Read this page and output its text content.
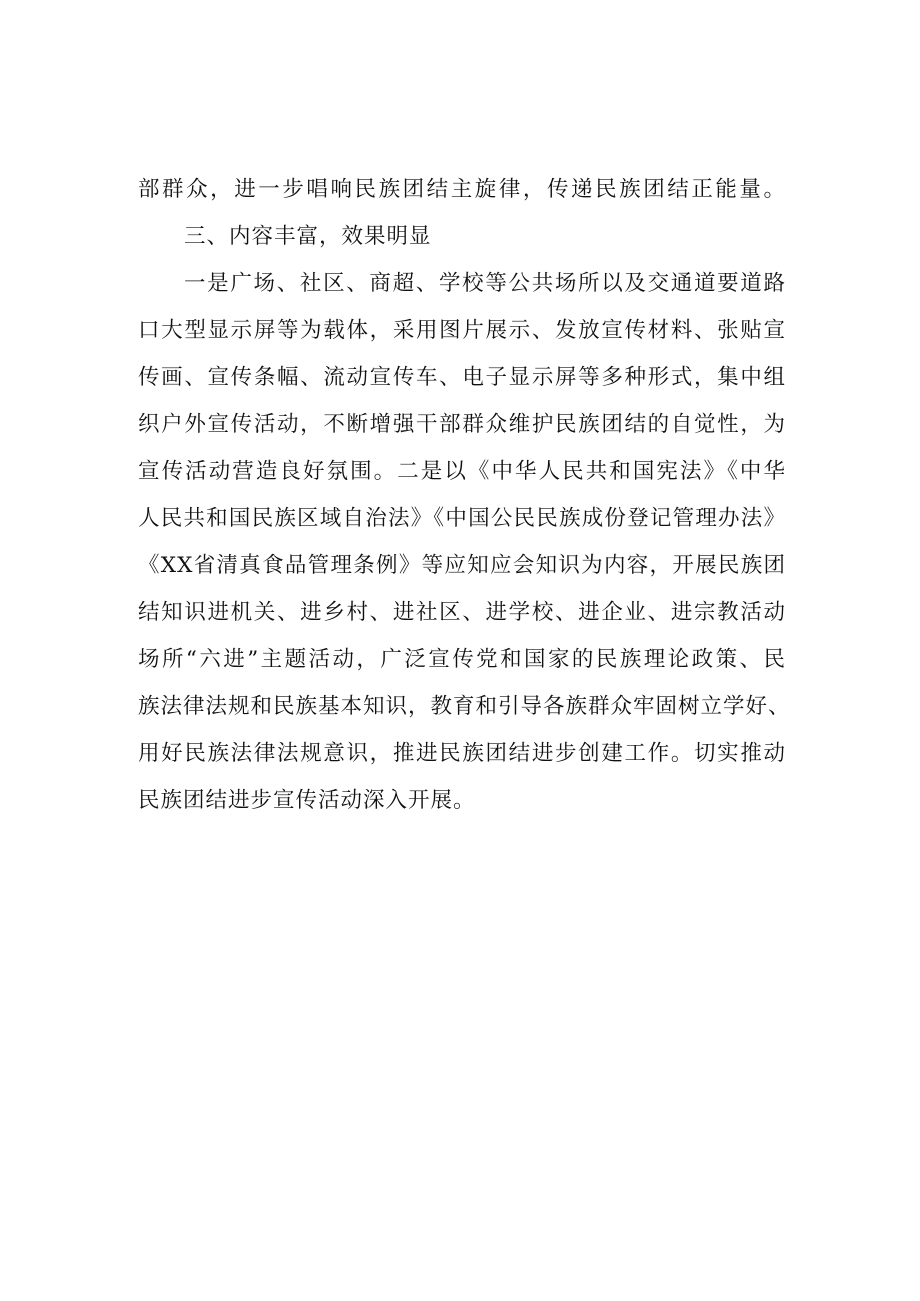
部群众，进一步唱响民族团结主旋律，传递民族团结正能量。
三、内容丰富，效果明显
一是广场、社区、商超、学校等公共场所以及交通道要道路
口大型显示屏等为载体，采用图片展示、发放宣传材料、张贴宣
传画、宣传条幅、流动宣传车、电子显示屏等多种形式，集中组
织户外宣传活动，不断增强干部群众维护民族团结的自觉性，为
宣传活动营造良好氛围。二是以《中华人民共和国宪法》《中华
人民共和国民族区域自治法》《中国公民民族成份登记管理办法》
《XX省清真食品管理条例》等应知应会知识为内容，开展民族团
结知识进机关、进乡村、进社区、进学校、进企业、进宗教活动
场所“六进”主题活动，广泛宣传党和国家的民族理论政策、民
族法律法规和民族基本知识，教育和引导各族群众牢固树立学好、
用好民族法律法规意识，推进民族团结进步创建工作。切实推动
民族团结进步宣传活动深入开展。
